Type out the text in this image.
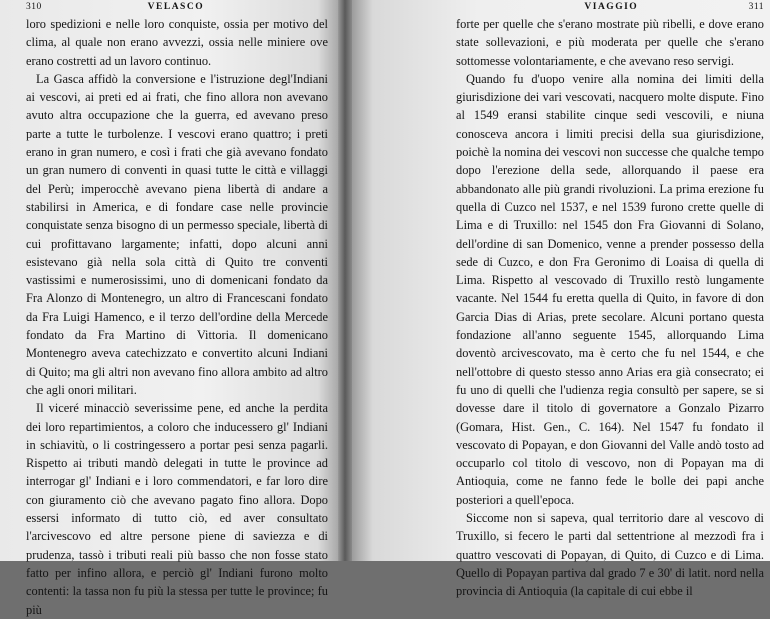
310	VELASCO

loro spedizioni e nelle loro conquiste, ossia per motivo del clima, al quale non erano avvezzi, ossia nelle miniere ove erano costretti ad un lavoro continuo.

La Gasca affidò la conversione e l'istruzione degl'Indiani ai vescovi, ai preti ed ai frati, che fino allora non avevano avuto altra occupazione che la guerra, ed avevano preso parte a tutte le turbolenze. I vescovi erano quattro; i preti erano in gran numero, e così i frati che già avevano fondato un gran numero di conventi in quasi tutte le città e villaggi del Perù; imperocchè avevano piena libertà di andare a stabilirsi in America, e di fondare case nelle provincie conquistate senza bisogno di un permesso speciale, libertà di cui profittavano largamente; infatti, dopo alcuni anni esistevano già nella sola città di Quito tre conventi vastissimi e numerosissimi, uno di domenicani fondato da Fra Alonzo di Montenegro, un altro di Francescani fondato da Fra Luigi Hamenco, e il terzo dell'ordine della Mercede fondato da Fra Martino di Vittoria. Il domenicano Montenegro aveva catechizzato e convertito alcuni Indiani di Quito; ma gli altri non avevano fino allora ambito ad altro che agli onori militari.

Il viceré minacciò severissime pene, ed anche la perdita dei loro repartimientos, a coloro che inducessero gl' Indiani in schiavitù, o li costringessero a portar pesi senza pagarli. Rispetto ai tributi mandò delegati in tutte le province ad interrogar gl' Indiani e i loro commendatori, e far loro dire con giuramento ciò che avevano pagato fino allora. Dopo essersi informato di tutto ciò, ed aver consultato l'arcivescovo ed altre persone piene di saviezza e di prudenza, tassò i tributi reali più basso che non fosse stato fatto per infino allora, e perciò gl' Indiani furono molto contenti: la tassa non fu più la stessa per tutte le province; fu più

VIAGGIO	311

forte per quelle che s'erano mostrate più ribelli, e dove erano state sollevazioni, e più moderata per quelle che s'erano sottomesse volontariamente, e che avevano reso servigi.

Quando fu d'uopo venire alla nomina dei limiti della giurisdizione dei vari vescovati, nacquero molte dispute. Fino al 1549 eransi stabilite cinque sedi vescovili, e niuna conosceva ancora i limiti precisi della sua giurisdizione, poichè la nomina dei vescovi non successe che qualche tempo dopo l'erezione della sede, allorquando il paese era abbandonato alle più grandi rivoluzioni. La prima erezione fu quella di Cuzco nel 1537, e nel 1539 furono crette quelle di Lima e di Truxillo: nel 1545 don Fra Giovanni di Solano, dell'ordine di san Domenico, venne a prender possesso della sede di Cuzco, e don Fra Geronimo di Loaisa di quella di Lima. Rispetto al vescovado di Truxillo restò lungamente vacante. Nel 1544 fu eretta quella di Quito, in favore di don Garcia Dias di Arias, prete secolare. Alcuni portano questa fondazione all'anno seguente 1545, allorquando Lima doventò arcivescovato, ma è certo che fu nel 1544, e che nell'ottobre di questo stesso anno Arias era già consecrato; ei fu uno di quelli che l'udienza regia consultò per sapere, se si dovesse dare il titolo di governatore a Gonzalo Pizarro (Gomara, Hist. Gen., C. 164). Nel 1547 fu fondato il vescovato di Popayan, e don Giovanni del Valle andò tosto ad occuparlo col titolo di vescovo, non di Popayan ma di Antioquia, come ne fanno fede le bolle dei papi anche posteriori a quell'epoca.

Siccome non si sapeva, qual territorio dare al vescovo di Truxillo, si fecero le parti dal settentrione al mezzodì fra i quattro vescovati di Popayan, di Quito, di Cuzco e di Lima. Quello di Popayan partiva dal grado 7 e 30' di latit. nord nella provincia di Antioquia (la capitale di cui ebbe il
